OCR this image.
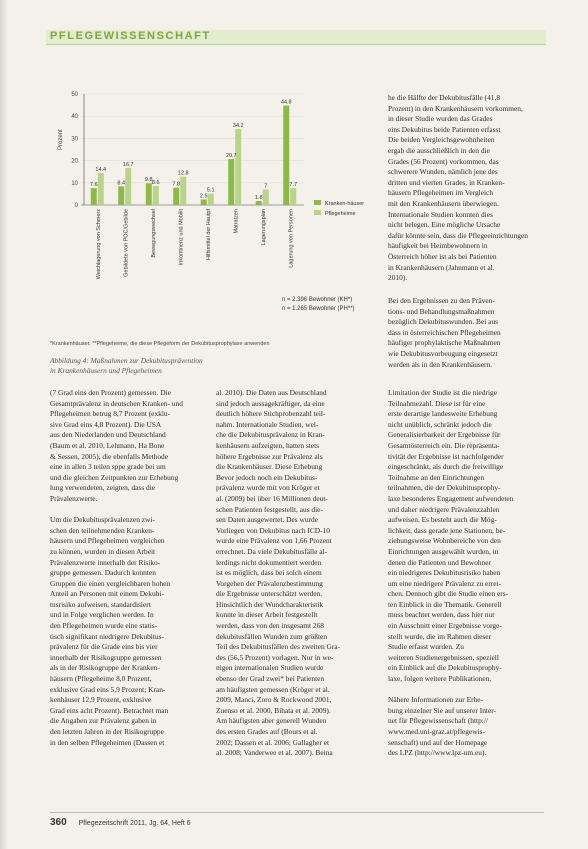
PFLEGEWISSENSCHAFT
Prozent
0
10
20
30
40
50
7.6
14.4
8.4
16.7
9.8 8.6 7.8
12.8
2.5
5.1
20.7
34.2
1.8
7
44.8
7.7
Weichlagerung von Schmerz	Gebildete von POC/Gebilde	Bewegungswechsel	Inkontinenz und Mobilit	Hilfsmittel der Hautpf	Matratzen	Lagerungsplan	Lagerung von Personen
Kranken-häuser
Pflegeheime
n = 2.396 Bewohner (KH*)
n = 1.265 Bewohner (PH**)
*Krankenhäuser, **Pflegeheime, die diese Pflegeform der Dekubitusprophylaxe anwenden
Abbildung 4: Maßnahmen zur Dekubitusprävention
in Krankenhäusern und Pflegeheimen
he die Hälfte der Dekubitusfälle (41,8
Prozent) in den Krankenhäusern vorkommen,
in dieser Studie wurden das Grades
eins Dekubitus beide Patienten erfasst
Die beiden Vergleichsgewohnheiten
ergab die ausschließlich in den die
Grades (56 Prozent) vorkommen, das
schwerere Wunden, nämlich jene des
dritten und vierten Grades, in Kranken-
häusern Pflegeheimen im Vergleich
mit den Krankenhäusern überwiegen.
Internationale Studien konnten dies
nicht belegen. Eine mögliche Ursache
dafür könnte sein, dass die Pflegeeinrichtungen
häufigkeit bei Heimbewohnern in
Österreich höher ist als bei Patienten
in Krankenhäusern (Jahnmann et al.
2010).
Bei den Ergebnissen zu den Präven-
tions- und Behandlungsmaßnahmen
bezüglich Dekubituswunden. Bei aus
dass in österreichischen Pflegeheimen
häufiger prophylaktische Maßnahmen
wie Dekubitusvorbeugung eingesetzt
werden als in den Krankenhäusern.
(7 Grad eins den Prozent) gemessen. Die
Gesamtprävalenz in deutschen Kranken- und
Pflegeheimen betrug 8,7 Prozent (exklu-
sive Grad eins 4,8 Prozent). Die USA
aus den Niederlanden und Deutschland
(Baum et al. 2010, Lehmann, Ha Bone
& Sessen, 2005), die ebenfalls Methode
eine in allen 3 teilen sppe grade bei um
und die gleichen Zeitpunkten zur Erhebung
lung verwendeten, zeigten, dass die
Prävalenzwerte.

Um die Dekubitusprävalenzen zwi-
schen den teilnehmenden Kranken-
häusern und Pflegeheimen vergleichen
zu können, wurden in diesen Arbeit
Prävalenzwerte innerhalb der Risiko-
gruppe gemessen. Dadurch konnten
Gruppen die einen vergleichbaren hohen
Anteil an Personen mit einem Dekubi-
tusrisiko aufweisen, standardisiert
und in Folge verglichen werden. In
den Pflegeheimen wurde eine statis-
tisch signifikant niedrigere Dekubitus-
prävalenz für die Grade eins bis vier
innerhalb der Risikogruppe gemessen
als in der Risikogruppe der Kranken-
häusern (Pflegeheime 8,0 Prozent,
exklusive Grad eins 5,9 Prozent; Kran-
kenhäuser 12,9 Prozent, exklusive
Grad eins acht Prozent). Betrachtet man
die Angaben zur Prävalenz gaben in
den letzten Jahren in der Risikogruppe
in den selben Pflegeheimen (Dassen et
al. 2010). Die Daten aus Deutschland
sind jedoch aussagekräftiger, da eine
deutlich höhere Stichprobenzahl teil-
nahm. Internationale Studien, wel-
che die Dekubitusprävalenz in Kran-
kenhäusern aufzeigten, hatten stets
höhere Ergebnisse zur Prävalenz als
die Krankenhäuser. Diese Erhebung
Bevor jedoch noch ein Dekubitus-
prävalenz wurde mit von Kröger et
al. (2009) bei über 16 Millionen deut-
schen Patienten festgestellt, aus die-
sen Daten ausgewertet. Des wurde
Vorliegen von Dekubitus nach ICD-10
wurde eine Prävalenz von 1,66 Prozent
errechnet. Da viele Dekubitusfälle al-
lerdings nicht dokumentiert werden
ist es möglich, dass bei solch einem
Vorgehen der Prävalenzbestimmung
die Ergebnisse unterschätzt werden.
Hinsichtlich der Wundcharakteristik
konnte in dieser Arbeit festgestellt
werden, dass von den insgesamt 268
dekubitusfällen Wunden zum größten
Teil des Dekubitusfällen des zweiten Gra-
des (56,5 Prozent) vorlagen. Nur in we-
nigen internationalen Studien wurde
ebenso der Grad zwei* bei Patienten
am häufigsten gemessen (Kröger et al.
2009, Manci, Zoro & Rockwood 2001,
Zuenso et al. 2000, Bihata et al. 2009).
Am häufigsten aber generell Wunden
des ersten Grades auf (Bours et al.
2002; Dassen et al. 2006; Gallagher et
al. 2008; Vanderwee et al. 2007). Beina
Limitation der Studie ist die niedrige
Teilnahmezahl. Diese ist für eine
erste derartige landesweite Erhebung
nicht unüblich, schränkt jedoch die
Generalisierbarkeit der Ergebnisse für
Gesamtösterreich ein. Die repräsenta-
tivität der Ergebnisse ist nachfolgender
eingeschränkt, als durch die freiwillige
Teilnahme an den Einrichtungen
teilnahmen, die der Dekubitusprophy-
laxe besonderes Engagement aufwendeten
und daher niedrigere Prävalenzzahlen
aufweisen. Es besteht auch die Mög-
lichkeit, dass gerade jene Stationen, be-
ziehungsweise Wohnbereiche von den
Einrichtungen ausgewählt wurden, in
denen die Patienten und Bewohner
ein niedrigeres Dekubitusrisiko haben
um eine niedrigere Prävalenz zu errei-
chen. Dennoch gibt die Studie einen ers-
ten Einblick in die Thematik. Generell
muss beachtet werden, dass hier nur
ein Ausschnitt einer Ergebnisse vorge-
stellt wurde, die im Rahmen dieser
Studie erfasst wurden. Zu
weiteren Studienergebnissen, speziell
ein Einblick auf die Dekubitusprophy-
laxe, folgen weitere Publikationen.

Nähere Informationen zur Erhe-
bung einzelner Sie auf unserer Inter-
net für Pflegewissenschaft (http://
www.med.uni-graz.at/pflegewis-
senschaft) und auf der Homepage
des LPZ (http://www.lpz-um.eu).
360 Pflegezeitschrift 2011, Jg. 64, Heft 6
